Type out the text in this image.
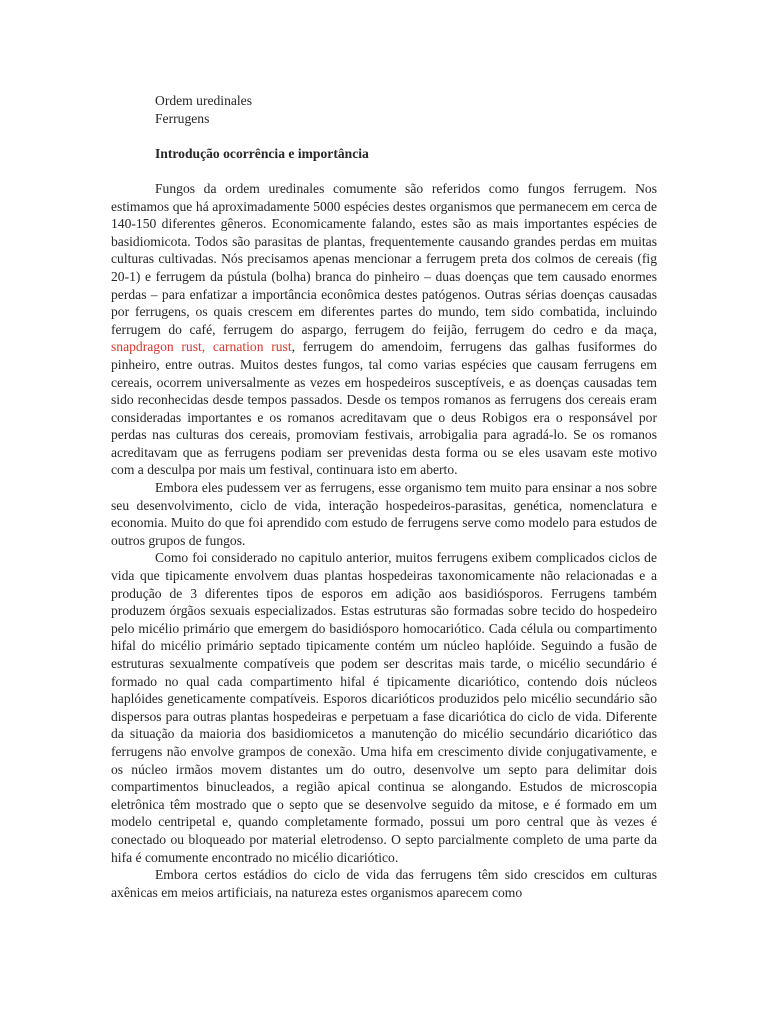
Ordem uredinales

Ferrugens

Introdução ocorrência e importância

Fungos da ordem uredinales comumente são referidos como fungos ferrugem. Nos estimamos que há aproximadamente 5000 espécies destes organismos que permanecem em cerca de 140-150 diferentes gêneros. Economicamente falando, estes são as mais importantes espécies de basidiomicota. Todos são parasitas de plantas, frequentemente causando grandes perdas em muitas culturas cultivadas. Nós precisamos apenas mencionar a ferrugem preta dos colmos de cereais (fig 20-1) e ferrugem da pústula (bolha) branca do pinheiro – duas doenças que tem causado enormes perdas – para enfatizar a importância econômica destes patógenos. Outras sérias doenças causadas por ferrugens, os quais crescem em diferentes partes do mundo, tem sido combatida, incluindo ferrugem do café, ferrugem do aspargo, ferrugem do feijão, ferrugem do cedro e da maça, snapdragon rust, carnation rust, ferrugem do amendoim, ferrugens das galhas fusiformes do pinheiro, entre outras. Muitos destes fungos, tal como varias espécies que causam ferrugens em cereais, ocorrem universalmente as vezes em hospedeiros susceptíveis, e as doenças causadas tem sido reconhecidas desde tempos passados. Desde os tempos romanos as ferrugens dos cereais eram consideradas importantes e os romanos acreditavam que o deus Robigos era o responsável por perdas nas culturas dos cereais, promoviam festivais, arrobigalia para agradá-lo. Se os romanos acreditavam que as ferrugens podiam ser prevenidas desta forma ou se eles usavam este motivo com a desculpa por mais um festival, continuara isto em aberto.

Embora eles pudessem ver as ferrugens, esse organismo tem muito para ensinar a nos sobre seu desenvolvimento, ciclo de vida, interação hospedeiros-parasitas, genética, nomenclatura e economia. Muito do que foi aprendido com estudo de ferrugens serve como modelo para estudos de outros grupos de fungos.

Como foi considerado no capitulo anterior, muitos ferrugens exibem complicados ciclos de vida que tipicamente envolvem duas plantas hospedeiras taxonomicamente não relacionadas e a produção de 3 diferentes tipos de esporos em adição aos basidiósporos. Ferrugens também produzem órgãos sexuais especializados. Estas estruturas são formadas sobre tecido do hospedeiro pelo micélio primário que emergem do basidiósporo homocariótico. Cada célula ou compartimento hifal do micélio primário septado tipicamente contém um núcleo haplóide. Seguindo a fusão de estruturas sexualmente compatíveis que podem ser descritas mais tarde, o micélio secundário é formado no qual cada compartimento hifal é tipicamente dicariótico, contendo dois núcleos haplóides geneticamente compatíveis. Esporos dicarióticos produzidos pelo micélio secundário são dispersos para outras plantas hospedeiras e perpetuam a fase dicariótica do ciclo de vida. Diferente da situação da maioria dos basidiomicetos a manutenção do micélio secundário dicariótico das ferrugens não envolve grampos de conexão. Uma hifa em crescimento divide conjugativamente, e os núcleo irmãos movem distantes um do outro, desenvolve um septo para delimitar dois compartimentos binucleados, a região apical continua se alongando. Estudos de microscopia eletrônica têm mostrado que o septo que se desenvolve seguido da mitose, e é formado em um modelo centripetal e, quando completamente formado, possui um poro central que às vezes é conectado ou bloqueado por material eletrodenso. O septo parcialmente completo de uma parte da hifa é comumente encontrado no micélio dicariótico.

Embora certos estádios do ciclo de vida das ferrugens têm sido crescidos em culturas axênicas em meios artificiais, na natureza estes organismos aparecem como
